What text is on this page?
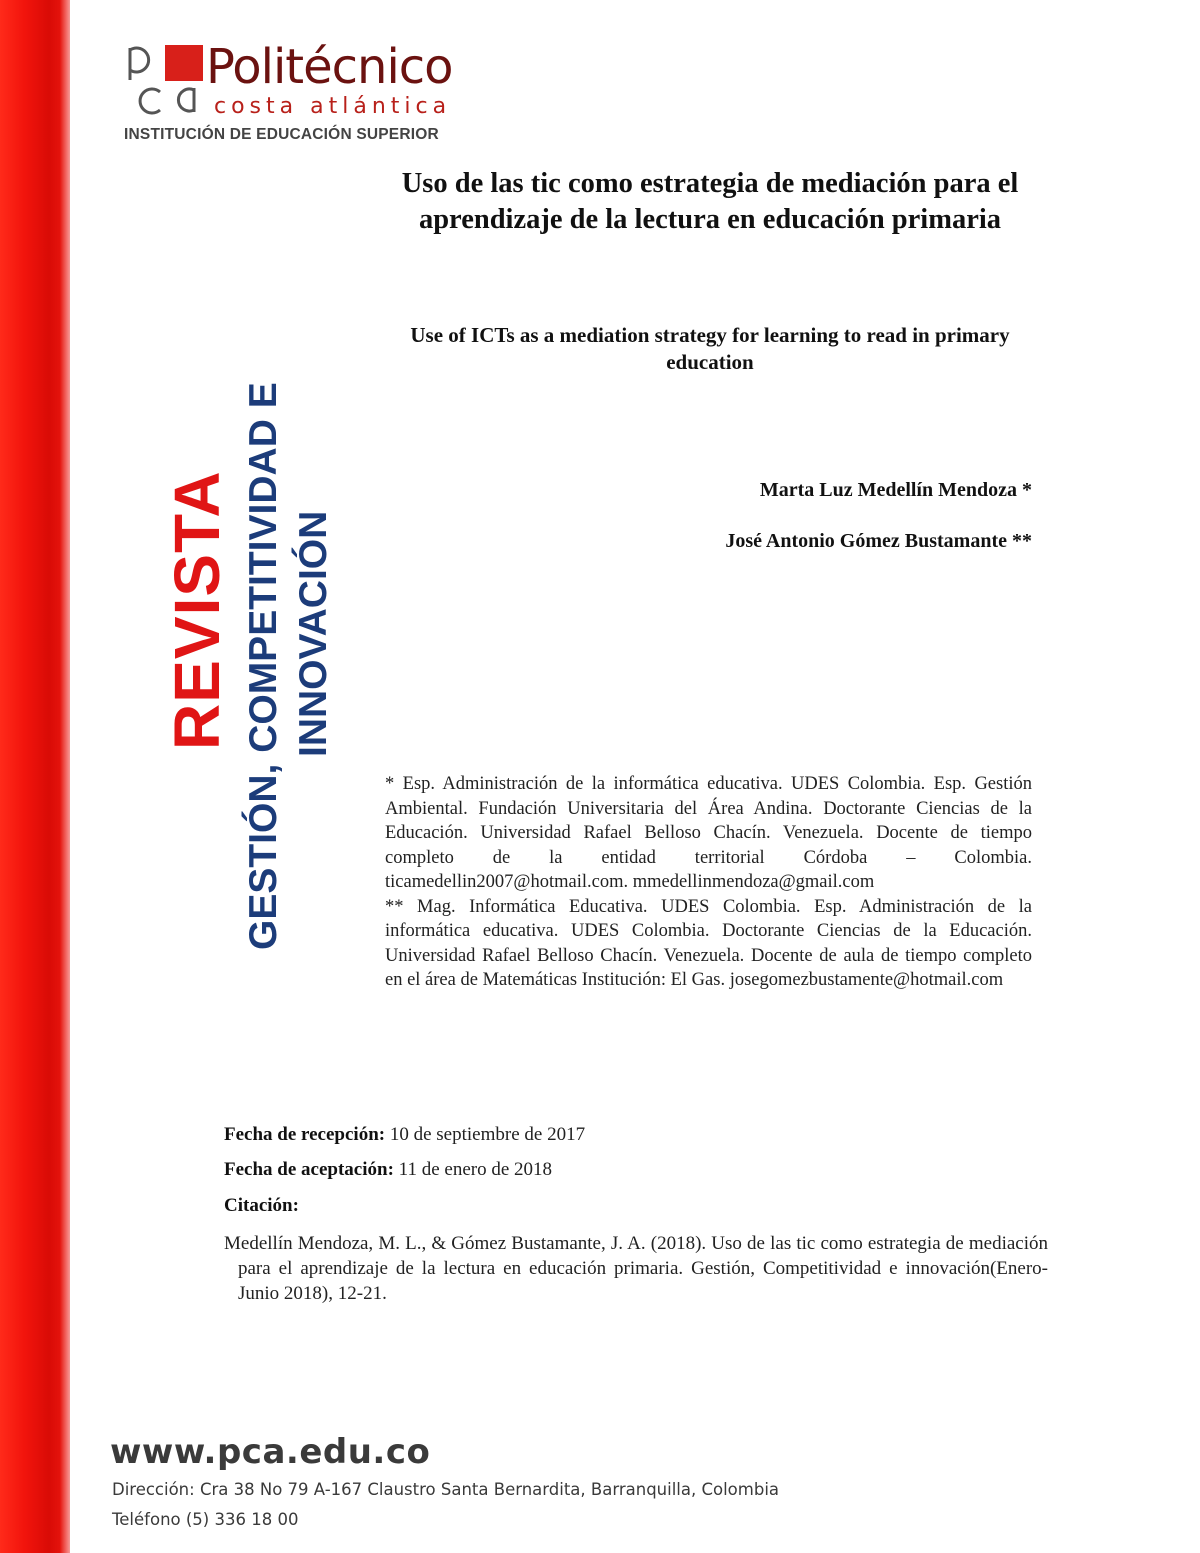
Politécnico
costa atlántica
INSTITUCIÓN DE EDUCACIÓN SUPERIOR
Uso de las tic como estrategia de mediación para el aprendizaje de la lectura en educación primaria
Use of ICTs as a mediation strategy for learning to read in primary education
Marta Luz Medellín Mendoza *
José Antonio Gómez Bustamante **
REVISTA GESTIÓN, COMPETITIVIDAD E INNOVACIÓN

* Esp. Administración de la informática educativa. UDES Colombia. Esp. Gestión Ambiental. Fundación Universitaria del Área Andina. Doctorante Ciencias de la Educación. Universidad Rafael Belloso Chacín. Venezuela. Docente de tiempo completo de la entidad territorial Córdoba – Colombia. ticamedellin2007@hotmail.com. mmedellinmendoza@gmail.com

** Mag. Informática Educativa. UDES Colombia. Esp. Administración de la informática educativa. UDES Colombia. Doctorante Ciencias de la Educación. Universidad Rafael Belloso Chacín. Venezuela. Docente de aula de tiempo completo en el área de Matemáticas Institución: El Gas. josegomezbustamente@hotmail.com

Fecha de recepción: 10 de septiembre de 2017
Fecha de aceptación: 11 de enero de 2018
Citación:
Medellín Mendoza, M. L., & Gómez Bustamante, J. A. (2018). Uso de las tic como estrategia de mediación para el aprendizaje de la lectura en educación primaria. Gestión, Competitividad e innovación(Enero-Junio 2018), 12-21.
www.pca.edu.co
Dirección: Cra 38 No 79 A-167 Claustro Santa Bernardita, Barranquilla, Colombia
Teléfono (5) 336 18 00
